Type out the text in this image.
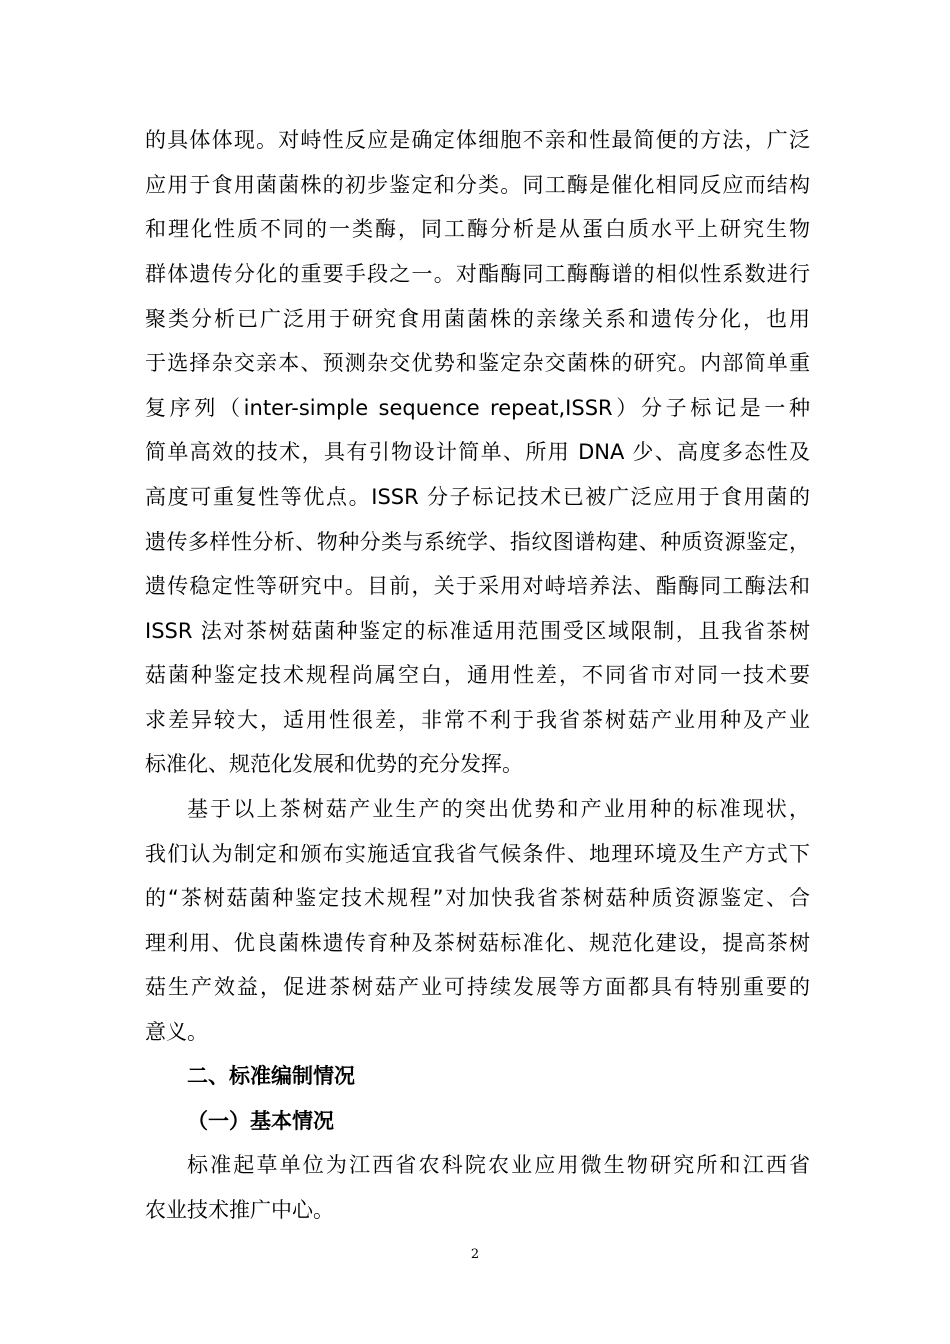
的具体体现。对峙性反应是确定体细胞不亲和性最简便的方法，广泛
应用于食用菌菌株的初步鉴定和分类。同工酶是催化相同反应而结构
和理化性质不同的一类酶，同工酶分析是从蛋白质水平上研究生物
群体遗传分化的重要手段之一。对酯酶同工酶酶谱的相似性系数进行
聚类分析已广泛用于研究食用菌菌株的亲缘关系和遗传分化，也用
于选择杂交亲本、预测杂交优势和鉴定杂交菌株的研究。内部简单重
复序列（inter-simple sequence repeat,ISSR）分子标记是一种
简单高效的技术，具有引物设计简单、所用 DNA 少、高度多态性及
高度可重复性等优点。ISSR 分子标记技术已被广泛应用于食用菌的
遗传多样性分析、物种分类与系统学、指纹图谱构建、种质资源鉴定，
遗传稳定性等研究中。目前，关于采用对峙培养法、酯酶同工酶法和
ISSR 法对茶树菇菌种鉴定的标准适用范围受区域限制，且我省茶树
菇菌种鉴定技术规程尚属空白，通用性差，不同省市对同一技术要
求差异较大，适用性很差，非常不利于我省茶树菇产业用种及产业
标准化、规范化发展和优势的充分发挥。
基于以上茶树菇产业生产的突出优势和产业用种的标准现状，
我们认为制定和颁布实施适宜我省气候条件、地理环境及生产方式下
的“茶树菇菌种鉴定技术规程”对加快我省茶树菇种质资源鉴定、合
理利用、优良菌株遗传育种及茶树菇标准化、规范化建设，提高茶树
菇生产效益，促进茶树菇产业可持续发展等方面都具有特别重要的
意义。
二、标准编制情况
（一）基本情况
标准起草单位为江西省农科院农业应用微生物研究所和江西省
农业技术推广中心。
2
